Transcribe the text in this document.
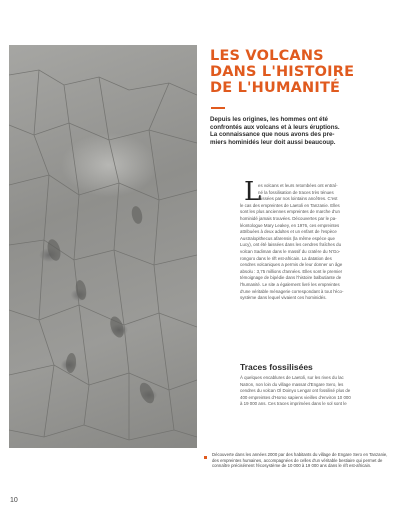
Découverte dans les années 2000 par des habitants du village de Engare Sero en Tanzanie, des empreintes humaines, accompagnées de celles d'un véritable bestiaire qui permet de connaître précisément l'écosystème de 10 000 à 19 000 ans dans le rift est-africain.
10
LES VOLCANS
DANS L'HISTOIRE
DE L'HUMANITÉ
Depuis les origines, les hommes ont été
confrontés aux volcans et à leurs éruptions.
La connaissance que nous avons des pre-
miers hominidés leur doit aussi beaucoup.
L
es volcans et leurs retombées ont entraî-
né la fossilisation de traces très ténues
laissées par nos lointains ancêtres. C'est
le cas des empreintes de Laetoli en Tanzanie. Elles
sont les plus anciennes empreintes de marche d'un
hominidé jamais trouvées. Découvertes par le pa-
léontologue Mary Leakey, en 1976, ces empreintes
attribuées à deux adultes et un enfant de l'espèce
Australopithecus afarensis (la même espèce que
Lucy), ont été laissées dans les cendres fraîches du
volcan Sadiman dans le massif du cratère du N'Go-
rongoro dans le rift est-africain. La datation des
cendres volcaniques a permis de leur donner un âge
absolu : 3,75 millions d'années. Elles sont le premier
témoignage de bipédie dans l'histoire balbutiante de
l'humanité. Le site a également livré les empreintes
d'une véritable ménagerie correspondant à tout l'éco-
système dans lequel vivaient ces hominidés.
Traces fossilisées
À quelques encablures de Laetoli, sur les rives du lac
Natron, non loin du village massaï d'Engare Sero, les
cendres du volcan Ol Doinyo Lengaï ont fossilisé plus de
400 empreintes d'Homo sapiens vieilles d'environ 10 000
à 19 000 ans. Ces traces imprimées dans le sol sont le
